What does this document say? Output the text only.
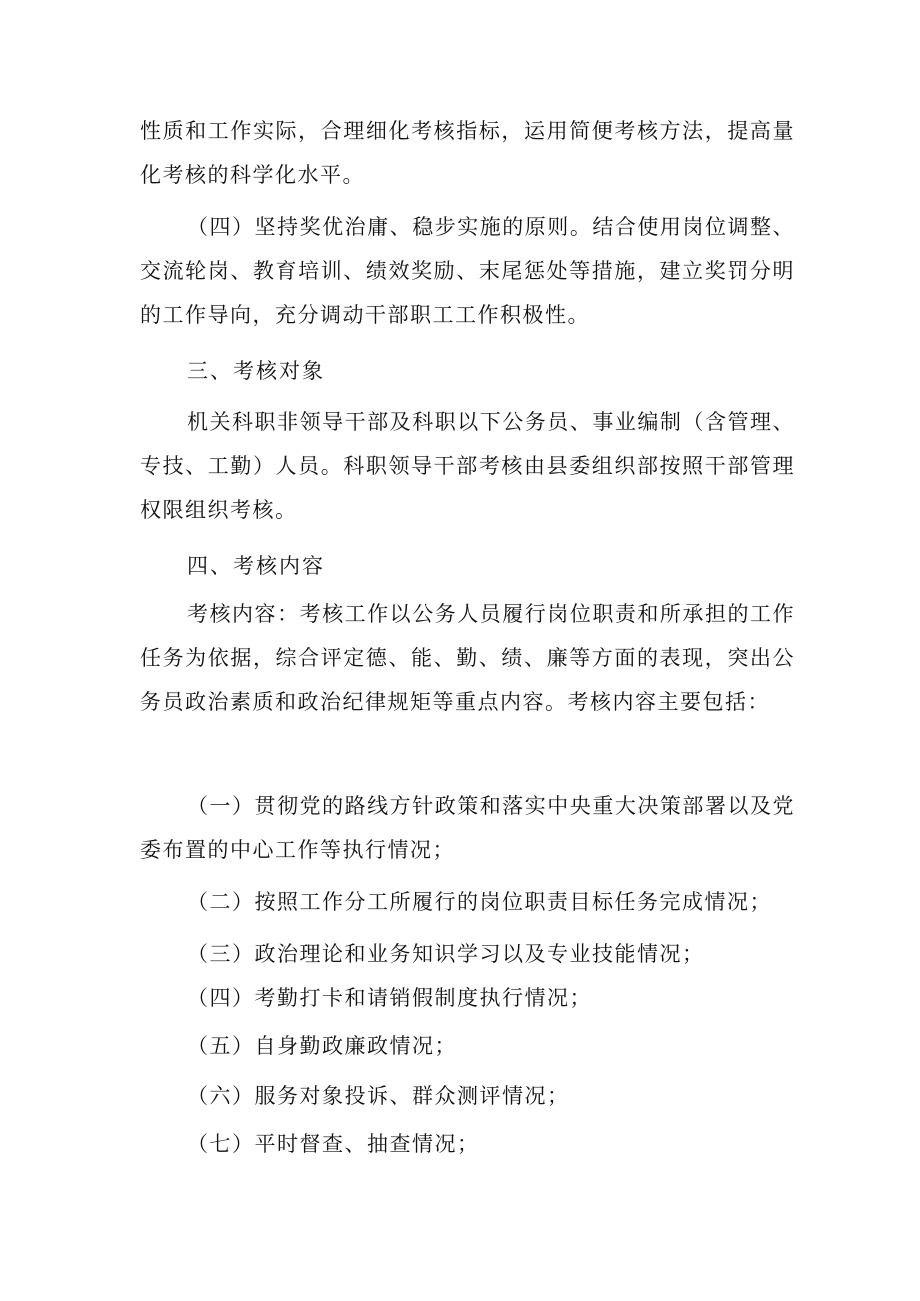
性质和工作实际，合理细化考核指标，运用简便考核方法，提高量化考核的科学化水平。

（四）坚持奖优治庸、稳步实施的原则。结合使用岗位调整、交流轮岗、教育培训、绩效奖励、末尾惩处等措施，建立奖罚分明的工作导向，充分调动干部职工工作积极性。

三、考核对象

机关科职非领导干部及科职以下公务员、事业编制（含管理、专技、工勤）人员。科职领导干部考核由县委组织部按照干部管理权限组织考核。

四、考核内容

考核内容：考核工作以公务人员履行岗位职责和所承担的工作任务为依据，综合评定德、能、勤、绩、廉等方面的表现，突出公务员政治素质和政治纪律规矩等重点内容。考核内容主要包括：

（一）贯彻党的路线方针政策和落实中央重大决策部署以及党委布置的中心工作等执行情况；

（二）按照工作分工所履行的岗位职责目标任务完成情况；

（三）政治理论和业务知识学习以及专业技能情况；

（四）考勤打卡和请销假制度执行情况；

（五）自身勤政廉政情况；

（六）服务对象投诉、群众测评情况；

（七）平时督查、抽查情况；
